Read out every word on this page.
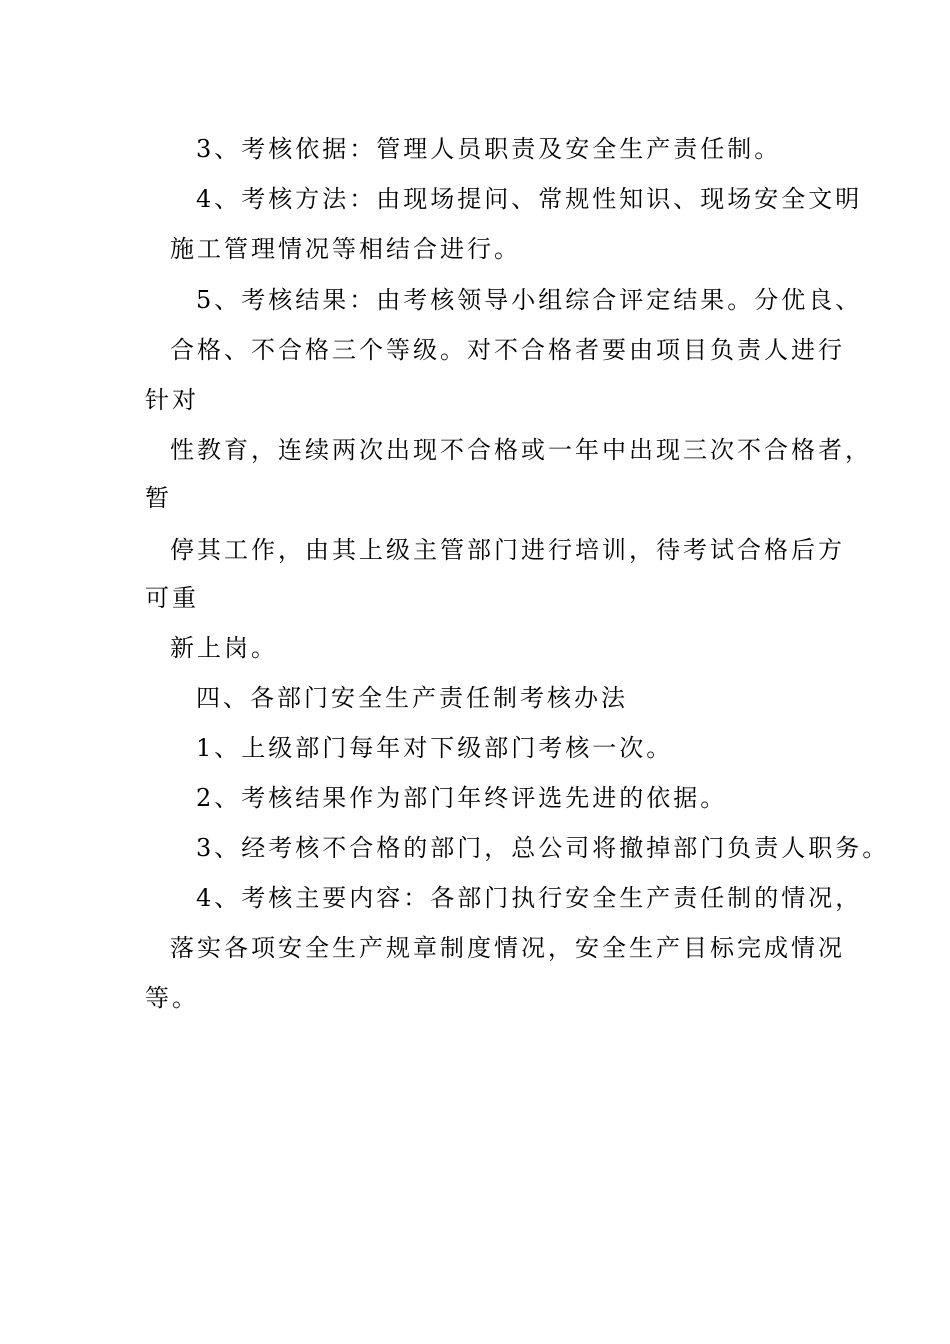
3、考核依据：管理人员职责及安全生产责任制。
4、考核方法：由现场提问、常规性知识、现场安全文明
施工管理情况等相结合进行。
5、考核结果：由考核领导小组综合评定结果。分优良、
合格、不合格三个等级。对不合格者要由项目负责人进行
针对
性教育，连续两次出现不合格或一年中出现三次不合格者，
暂
停其工作，由其上级主管部门进行培训，待考试合格后方
可重
新上岗。
四、各部门安全生产责任制考核办法
1、上级部门每年对下级部门考核一次。
2、考核结果作为部门年终评选先进的依据。
3、经考核不合格的部门，总公司将撤掉部门负责人职务。
4、考核主要内容：各部门执行安全生产责任制的情况，
落实各项安全生产规章制度情况，安全生产目标完成情况
等。
